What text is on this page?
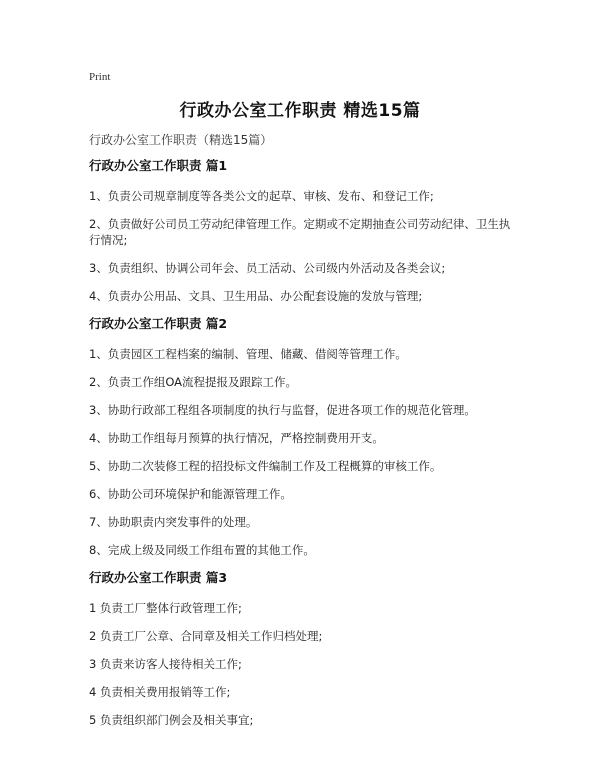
Print
行政办公室工作职责 精选15篇
行政办公室工作职责（精选15篇）
行政办公室工作职责 篇1
1、负责公司规章制度等各类公文的起草、审核、发布、和登记工作;
2、负责做好公司员工劳动纪律管理工作。定期或不定期抽查公司劳动纪律、卫生执行情况;
3、负责组织、协调公司年会、员工活动、公司级内外活动及各类会议;
4、负责办公用品、文具、卫生用品、办公配套设施的发放与管理;
行政办公室工作职责 篇2
1、负责园区工程档案的编制、管理、储藏、借阅等管理工作。
2、负责工作组OA流程提报及跟踪工作。
3、协助行政部工程组各项制度的执行与监督，促进各项工作的规范化管理。
4、协助工作组每月预算的执行情况，严格控制费用开支。
5、协助二次装修工程的招投标文件编制工作及工程概算的审核工作。
6、协助公司环境保护和能源管理工作。
7、协助职责内突发事件的处理。
8、完成上级及同级工作组布置的其他工作。
行政办公室工作职责 篇3
1 负责工厂整体行政管理工作;
2 负责工厂公章、合同章及相关工作归档处理;
3 负责来访客人接待相关工作;
4 负责相关费用报销等工作;
5 负责组织部门例会及相关事宜;
